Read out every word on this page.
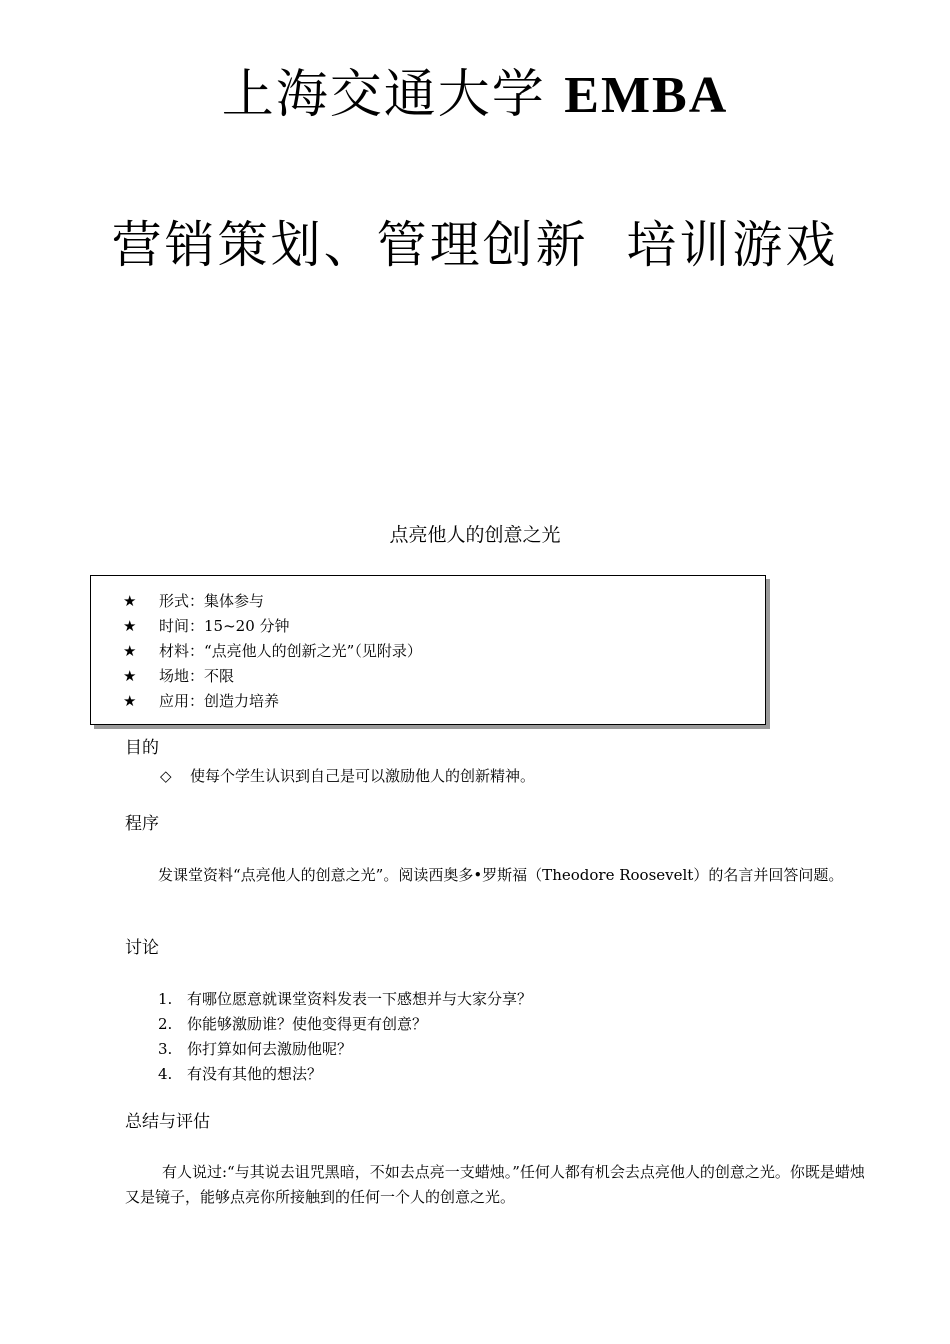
上海交通大学 EMBA
营销策划、管理创新  培训游戏
点亮他人的创意之光
★ 形式：集体参与
★ 时间：15~20 分钟
★ 材料：“点亮他人的创新之光”（见附录）
★ 场地：不限
★ 应用：创造力培养
目的
◇ 使每个学生认识到自己是可以激励他人的创新精神。
程序
发课堂资料“点亮他人的创意之光”。阅读西奥多•罗斯福（Theodore Roosevelt）的名言并回答问题。
讨论
1. 有哪位愿意就课堂资料发表一下感想并与大家分享？
2. 你能够激励谁？使他变得更有创意？
3. 你打算如何去激励他呢？
4. 有没有其他的想法？
总结与评估
有人说过:“与其说去诅咒黑暗，不如去点亮一支蜡烛。”任何人都有机会去点亮他人的创意之光。你既是蜡烛又是镜子，能够点亮你所接触到的任何一个人的创意之光。
